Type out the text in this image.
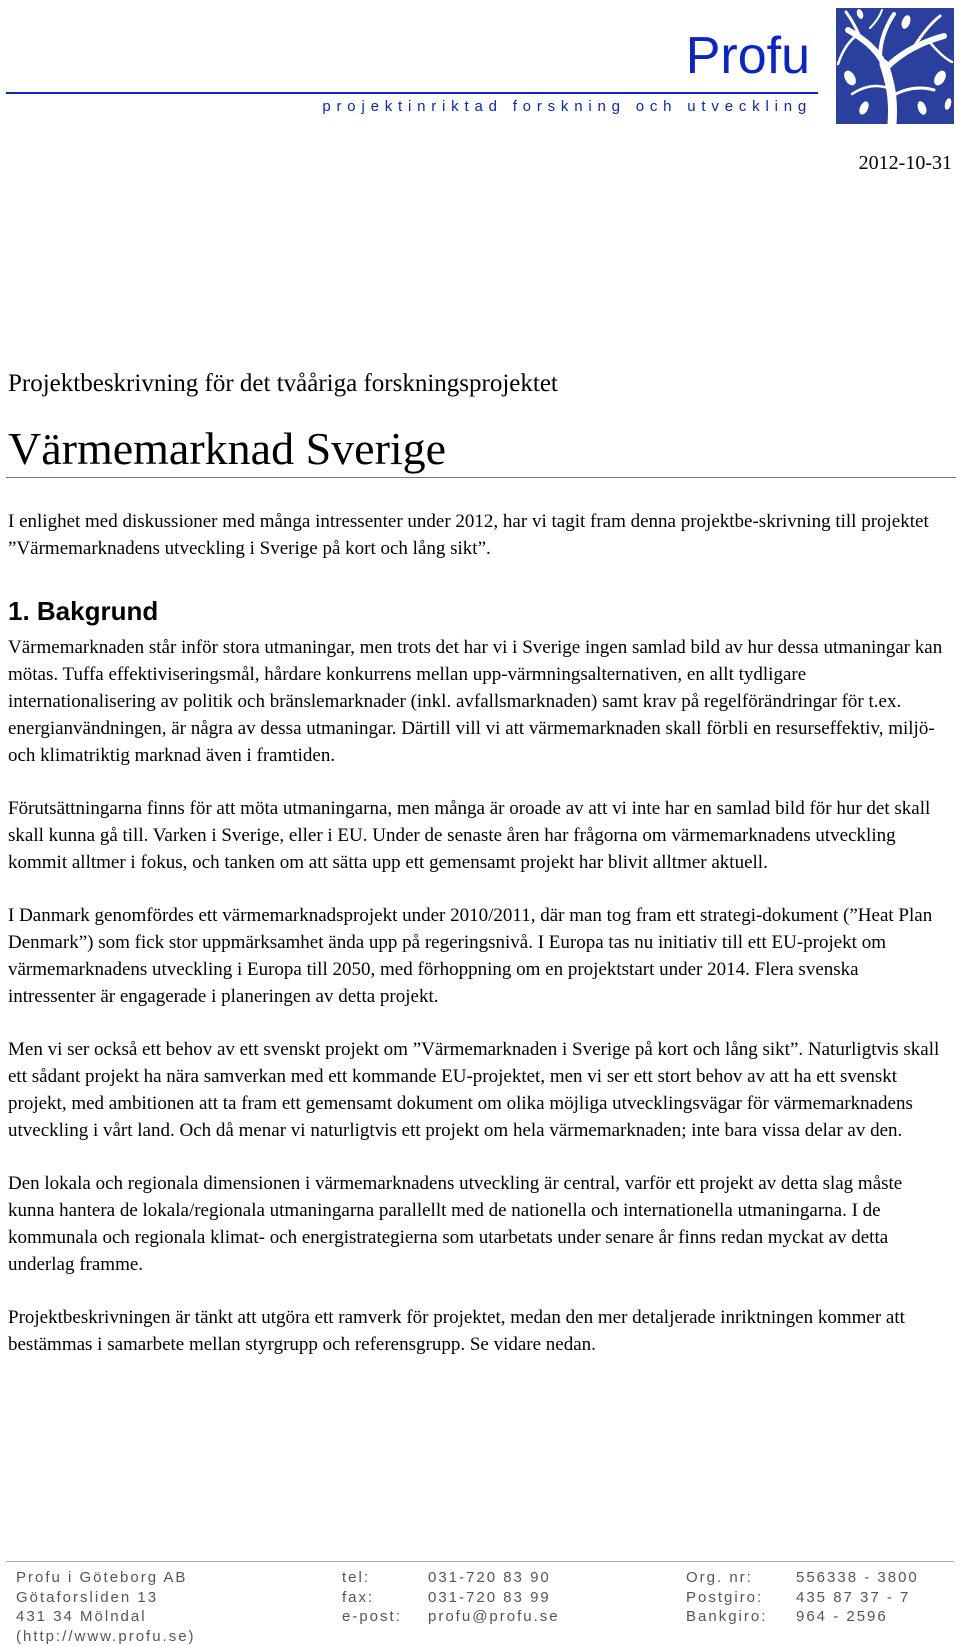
Profu
projektinriktad forskning och utveckling
2012-10-31
Projektbeskrivning för det tvååriga forskningsprojektet
Värmemarknad Sverige

I enlighet med diskussioner med många intressenter under 2012, har vi tagit fram denna projektbe-skrivning till projektet ”Värmemarknadens utveckling i Sverige på kort och lång sikt”.

1. Bakgrund

Värmemarknaden står inför stora utmaningar, men trots det har vi i Sverige ingen samlad bild av hur dessa utmaningar kan mötas. Tuffa effektiviseringsmål, hårdare konkurrens mellan upp-värmningsalternativen, en allt tydligare internationalisering av politik och bränslemarknader (inkl. avfallsmarknaden) samt krav på regelförändringar för t.ex. energianvändningen, är några av dessa utmaningar. Därtill vill vi att värmemarknaden skall förbli en resurseffektiv, miljö- och klimatriktig marknad även i framtiden.

Förutsättningarna finns för att möta utmaningarna, men många är oroade av att vi inte har en samlad bild för hur det skall skall kunna gå till. Varken i Sverige, eller i EU. Under de senaste åren har frågorna om värmemarknadens utveckling kommit alltmer i fokus, och tanken om att sätta upp ett gemensamt projekt har blivit alltmer aktuell.

I Danmark genomfördes ett värmemarknadsprojekt under 2010/2011, där man tog fram ett strategi-dokument (”Heat Plan Denmark”) som fick stor uppmärksamhet ända upp på regeringsnivå. I Europa tas nu initiativ till ett EU-projekt om värmemarknadens utveckling i Europa till 2050, med förhoppning om en projektstart under 2014. Flera svenska intressenter är engagerade i planeringen av detta projekt.

Men vi ser också ett behov av ett svenskt projekt om ”Värmemarknaden i Sverige på kort och lång sikt”. Naturligtvis skall ett sådant projekt ha nära samverkan med ett kommande EU-projektet, men vi ser ett stort behov av att ha ett svenskt projekt, med ambitionen att ta fram ett gemensamt dokument om olika möjliga utvecklingsvägar för värmemarknadens utveckling i vårt land. Och då menar vi naturligtvis ett projekt om hela värmemarknaden; inte bara vissa delar av den.

Den lokala och regionala dimensionen i värmemarknadens utveckling är central, varför ett projekt av detta slag måste kunna hantera de lokala/regionala utmaningarna parallellt med de nationella och internationella utmaningarna. I de kommunala och regionala klimat- och energistrategierna som utarbetats under senare år finns redan myckat av detta underlag framme.

Projektbeskrivningen är tänkt att utgöra ett ramverk för projektet, medan den mer detaljerade inriktningen kommer att bestämmas i samarbete mellan styrgrupp och referensgrupp. Se vidare nedan.

Profu i Göteborg AB
Götaforsliden 13
431 34 Mölndal
(http://www.profu.se)
tel:
fax:
e-post:
031-720 83 90
031-720 83 99
profu@profu.se
Org. nr:
Postgiro:
Bankgiro:
556338 - 3800
435 87 37 - 7
964 - 2596
